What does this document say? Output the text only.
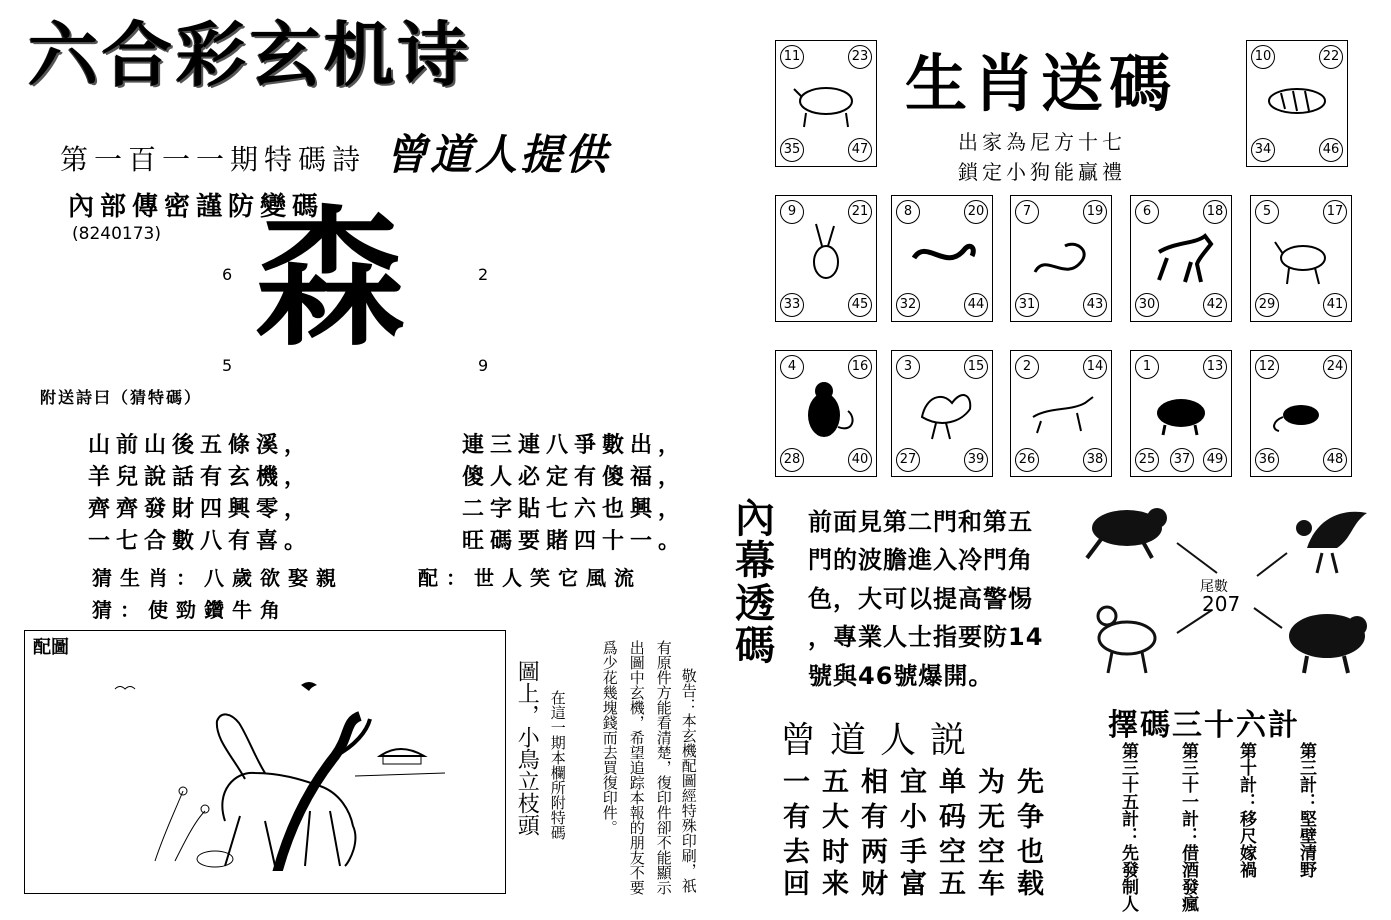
六合彩玄机诗
第一百一一期特碼詩 曾道人提供
內部傳密謹防變碼
(8240173) 森
6	2
5	9
附送詩曰（猜特碼）
山前山後五條溪，
羊兒說話有玄機，
齊齊發財四興零，
一七合數八有喜。
連三連八爭數出，
傻人必定有傻福，
二字貼七六也興，
旺碼要賭四十一。
猜生肖：八歲欲娶親	配：世人笑它風流
猜：使勁鑽牛角
配圖
敬告：本玄機配圖經特殊印刷，祇
有原件方能看清楚，復印件卻不能顯示
出圖中玄機，希望追踪本報的朋友不要
爲少花幾塊錢而去買復印件。
在這一期本欄所附特碼
圖上，小鳥立枝頭
生肖送碼
出家為尼方十七
鎖定小狗能贏禮
11	23
35	47
10	22
34	46
9	21
33	45
8	20
32	44
7	19
31	43
6	18
30	42
5	17
29	41
4	16
28	40
3	15
27	39
2	14
26	38
1	13
25 37 49
12	24
36	48
內
幕
透
碼
前面見第二門和第五
門的波膽進入冷門角
色，大可以提高警惕
，專業人士指要防14
號與46號爆開。
尾數
207
曾道人説
一五相宜单为先
有大有小码无争
去时两手空空也
回来财富五车载
擇碼三十六計
第三計：堅壁清野
第十計：移尺嫁禍
第三十一計：借酒發瘋
第三十五計：先發制人
